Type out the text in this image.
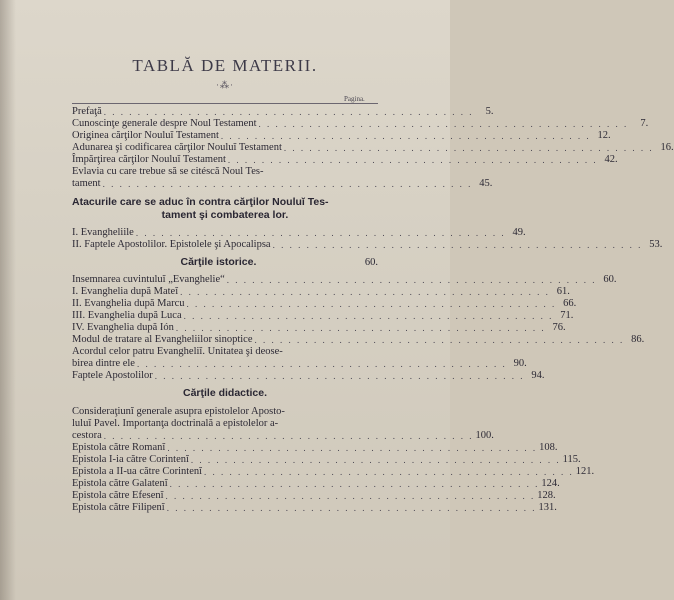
TABLĂ DE MATERII.
·⁂·
Pagina.
Prefaţă . . . . . . . . . . . . . . . . . . . . . . . . . . . . . . . . . . . . . . . . . . . .	5.
Cunoscinţe generale despre Noul Testament . . . . . . . . . . . . . . . . . . . . . . . . . . . . . . . . . . . . . . . . . . . .	7.
Originea cărţilor Nouluĭ Testament . . . . . . . . . . . . . . . . . . . . . . . . . . . . . . . . . . . . . . . . . . . . 12.
Adunarea şi codificarea cărţilor Nouluĭ Testament . . . . . . . . . . . . . . . . . . . . . . . . . . . . . . . . . . . . . . . . . . . . 16.
Împărţirea cărţilor Nouluĭ Testament . . . . . . . . . . . . . . . . . . . . . . . . . . . . . . . . . . . . . . . . . . . . 42.
Evlavia cu care trebue să se citéscă Noul Tes-
tament . . . . . . . . . . . . . . . . . . . . . . . . . . . . . . . . . . . . . . . . . . . . 45.
Atacurile care se aduc în contra cărţilor Nouluĭ Tes-
tament şi combaterea lor.
I. Evangheliile . . . . . . . . . . . . . . . . . . . . . . . . . . . . . . . . . . . . . . . . . . . . 49.
II. Faptele Apostolilor. Epistolele şi Apocalipsa . . . . . . . . . . . . . . . . . . . . . . . . . . . . . . . . . . . . . . . . . . . . 53.
Cărţile istorice.	60.
Insemnarea cuvintuluĭ „Evanghelie“ . . . . . . . . . . . . . . . . . . . . . . . . . . . . . . . . . . . . . . . . . . . . 60.
I. Evanghelia după Mateĭ . . . . . . . . . . . . . . . . . . . . . . . . . . . . . . . . . . . . . . . . . . . . 61.
II. Evanghelia după Marcu . . . . . . . . . . . . . . . . . . . . . . . . . . . . . . . . . . . . . . . . . . . . 66.
III. Evanghelia după Luca . . . . . . . . . . . . . . . . . . . . . . . . . . . . . . . . . . . . . . . . . . . . 71.
IV. Evanghelia după Ión . . . . . . . . . . . . . . . . . . . . . . . . . . . . . . . . . . . . . . . . . . . . 76.
Modul de tratare al Evangheliilor sinoptice . . . . . . . . . . . . . . . . . . . . . . . . . . . . . . . . . . . . . . . . . . . . 86.
Acordul celor patru Evangheliĭ. Unitatea şi deose-
birea dintre ele . . . . . . . . . . . . . . . . . . . . . . . . . . . . . . . . . . . . . . . . . . . . 90.
Faptele Apostolilor . . . . . . . . . . . . . . . . . . . . . . . . . . . . . . . . . . . . . . . . . . . . 94.
Cărţile didactice.
Consideraţiunĭ generale asupra epistolelor Aposto-
luluĭ Pavel. Importanţa doctrinală a epistolelor a-
cestora . . . . . . . . . . . . . . . . . . . . . . . . . . . . . . . . . . . . . . . . . . . . 100.
Epistola către Romanĭ . . . . . . . . . . . . . . . . . . . . . . . . . . . . . . . . . . . . . . . . . . . . 108.
Epistola I-ia către Corintenĭ . . . . . . . . . . . . . . . . . . . . . . . . . . . . . . . . . . . . . . . . . . . . 115.
Epistola a II-ua către Corintenĭ . . . . . . . . . . . . . . . . . . . . . . . . . . . . . . . . . . . . . . . . . . . . 121.
Epistola către Galatenĭ . . . . . . . . . . . . . . . . . . . . . . . . . . . . . . . . . . . . . . . . . . . . 124.
Epistola către Efesenĭ . . . . . . . . . . . . . . . . . . . . . . . . . . . . . . . . . . . . . . . . . . . . 128.
Epistola către Filipenĭ . . . . . . . . . . . . . . . . . . . . . . . . . . . . . . . . . . . . . . . . . . . . 131.
